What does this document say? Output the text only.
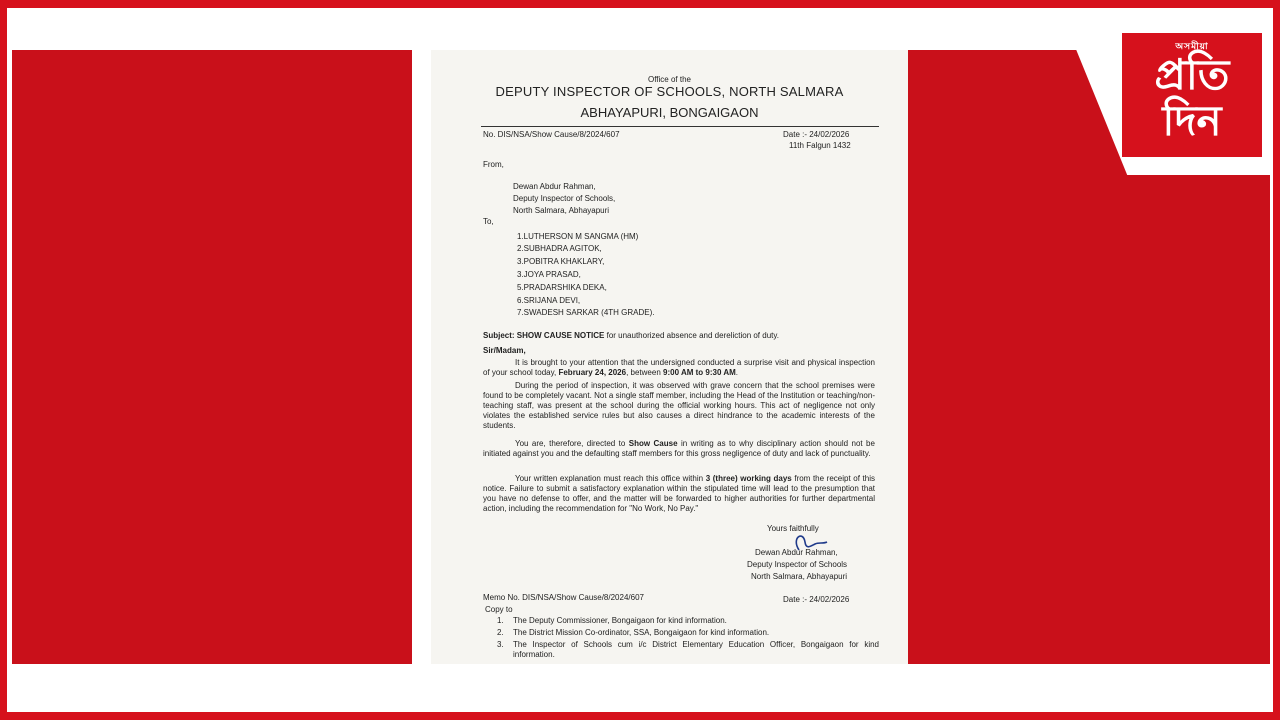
অসমীয়া
প্ৰতি
দিন
Office of the
DEPUTY INSPECTOR OF SCHOOLS, NORTH SALMARA
ABHAYAPURI, BONGAIGAON
No. DIS/NSA/Show Cause/8/2024/607	Date :- 24/02/2026
11th Falgun 1432
From,
Dewan Abdur Rahman,
Deputy Inspector of Schools,
North Salmara, Abhayapuri
To,
1.LUTHERSON M SANGMA (HM)
2.SUBHADRA AGITOK,
3.POBITRA KHAKLARY,
3.JOYA PRASAD,
5.PRADARSHIKA DEKA,
6.SRIJANA DEVI,
7.SWADESH SARKAR (4TH GRADE).
Subject: SHOW CAUSE NOTICE for unauthorized absence and dereliction of duty.
Sir/Madam,
It is brought to your attention that the undersigned conducted a surprise visit and physical inspection of your school today, February 24, 2026, between 9:00 AM to 9:30 AM.
During the period of inspection, it was observed with grave concern that the school premises were found to be completely vacant. Not a single staff member, including the Head of the Institution or teaching/non-teaching staff, was present at the school during the official working hours. This act of negligence not only violates the established service rules but also causes a direct hindrance to the academic interests of the students.
You are, therefore, directed to Show Cause in writing as to why disciplinary action should not be initiated against you and the defaulting staff members for this gross negligence of duty and lack of punctuality.
Your written explanation must reach this office within 3 (three) working days from the receipt of this notice. Failure to submit a satisfactory explanation within the stipulated time will lead to the presumption that you have no defense to offer, and the matter will be forwarded to higher authorities for further departmental action, including the recommendation for "No Work, No Pay."
Yours faithfully
Dewan Abdur Rahman,
Deputy Inspector of Schools
North Salmara, Abhayapuri
Memo No. DIS/NSA/Show Cause/8/2024/607	Date :- 24/02/2026
Copy to
1. The Deputy Commissioner, Bongaigaon for kind information.
2. The District Mission Co-ordinator, SSA, Bongaigaon for kind information.
3. The Inspector of Schools cum i/c District Elementary Education Officer, Bongaigaon for kind information.
